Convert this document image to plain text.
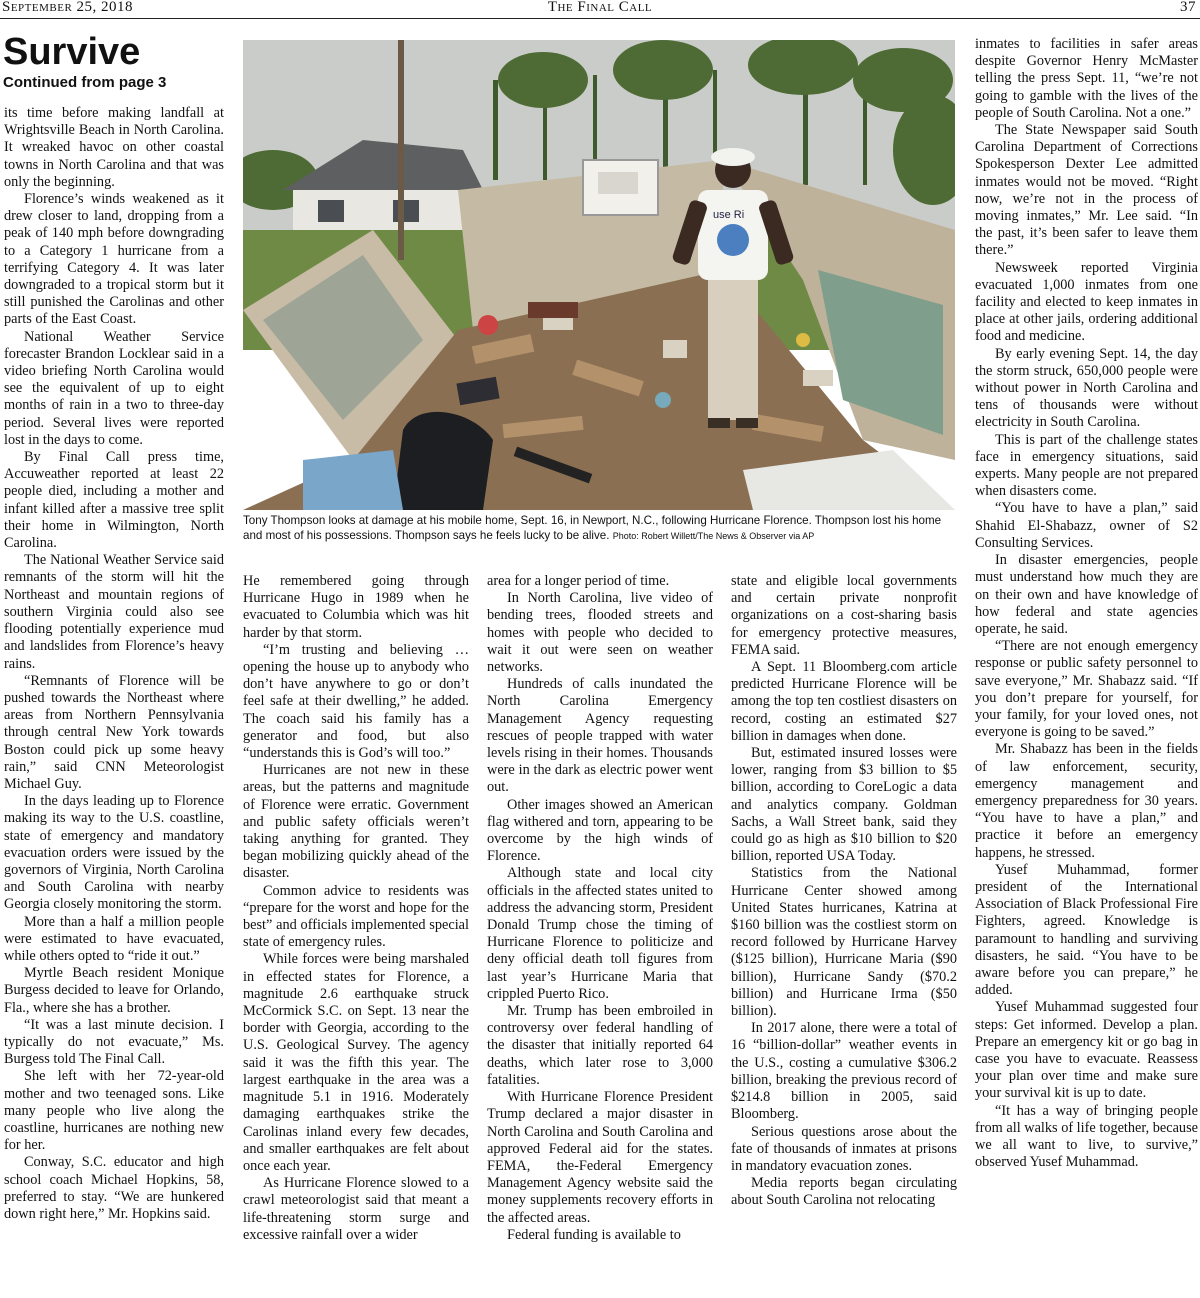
September 25, 2018	The Final Call	37
Survive
Continued from page 3
use Ri
Tony Thompson looks at damage at his mobile home, Sept. 16, in Newport, N.C., following Hurricane Florence. Thompson lost his home and most of his possessions. Thompson says he feels lucky to be alive. Photo: Robert Willett/The News & Observer via AP

its time before making landfall at Wrightsville Beach in North Carolina. It wreaked havoc on other coastal towns in North Carolina and that was only the beginning.

Florence’s winds weakened as it drew closer to land, dropping from a peak of 140 mph before downgrading to a Category 1 hurricane from a terrifying Category 4. It was later downgraded to a tropical storm but it still punished the Carolinas and other parts of the East Coast.

National Weather Service forecaster Brandon Locklear said in a video briefing North Carolina would see the equivalent of up to eight months of rain in a two to three-day period. Several lives were reported lost in the days to come.

By Final Call press time, Accuweather reported at least 22 people died, including a mother and infant killed after a massive tree split their home in Wilmington, North Carolina.

The National Weather Service said remnants of the storm will hit the Northeast and mountain regions of southern Virginia could also see flooding potentially experience mud and landslides from Florence’s heavy rains.

“Remnants of Florence will be pushed towards the Northeast where areas from Northern Pennsylvania through central New York towards Boston could pick up some heavy rain,” said CNN Meteorologist Michael Guy.

In the days leading up to Florence making its way to the U.S. coastline, state of emergency and mandatory evacuation orders were issued by the governors of Virginia, North Carolina and South Carolina with nearby Georgia closely monitoring the storm.

More than a half a million people were estimated to have evacuated, while others opted to “ride it out.”

Myrtle Beach resident Monique Burgess decided to leave for Orlando, Fla., where she has a brother.

“It was a last minute decision. I typically do not evacuate,” Ms. Burgess told The Final Call.

She left with her 72-year-old mother and two teenaged sons. Like many people who live along the coastline, hurricanes are nothing new for her.

Conway, S.C. educator and high school coach Michael Hopkins, 58, preferred to stay. “We are hunkered down right here,” Mr. Hopkins said.

He remembered going through Hurricane Hugo in 1989 when he evacuated to Columbia which was hit harder by that storm.

“I’m trusting and believing … opening the house up to anybody who don’t have anywhere to go or don’t feel safe at their dwelling,” he added. The coach said his family has a generator and food, but also “understands this is God’s will too.”

Hurricanes are not new in these areas, but the patterns and magnitude of Florence were erratic. Government and public safety officials weren’t taking anything for granted. They began mobilizing quickly ahead of the disaster.

Common advice to residents was “prepare for the worst and hope for the best” and officials implemented special state of emergency rules.

While forces were being marshaled in effected states for Florence, a magnitude 2.6 earthquake struck McCormick S.C. on Sept. 13 near the border with Georgia, according to the U.S. Geological Survey. The agency said it was the fifth this year. The largest earthquake in the area was a magnitude 5.1 in 1916. Moderately damaging earthquakes strike the Carolinas inland every few decades, and smaller earthquakes are felt about once each year.

As Hurricane Florence slowed to a crawl meteorologist said that meant a life-threatening storm surge and excessive rainfall over a wider

area for a longer period of time.

In North Carolina, live video of bending trees, flooded streets and homes with people who decided to wait it out were seen on weather networks.

Hundreds of calls inundated the North Carolina Emergency Management Agency requesting rescues of people trapped with water levels rising in their homes. Thousands were in the dark as electric power went out.

Other images showed an American flag withered and torn, appearing to be overcome by the high winds of Florence.

Although state and local city officials in the affected states united to address the advancing storm, President Donald Trump chose the timing of Hurricane Florence to politicize and deny official death toll figures from last year’s Hurricane Maria that crippled Puerto Rico.

Mr. Trump has been embroiled in controversy over federal handling of the disaster that initially reported 64 deaths, which later rose to 3,000 fatalities.

With Hurricane Florence President Trump declared a major disaster in North Carolina and South Carolina and approved Federal aid for the states. FEMA, the-Federal Emergency Management Agency website said the money supplements recovery efforts in the affected areas.

Federal funding is available to

state and eligible local governments and certain private nonprofit organizations on a cost-sharing basis for emergency protective measures, FEMA said.

A Sept. 11 Bloomberg.com article predicted Hurricane Florence will be among the top ten costliest disasters on record, costing an estimated $27 billion in damages when done.

But, estimated insured losses were lower, ranging from $3 billion to $5 billion, according to CoreLogic a data and analytics company. Goldman Sachs, a Wall Street bank, said they could go as high as $10 billion to $20 billion, reported USA Today.

Statistics from the National Hurricane Center showed among United States hurricanes, Katrina at $160 billion was the costliest storm on record followed by Hurricane Harvey ($125 billion), Hurricane Maria ($90 billion), Hurricane Sandy ($70.2 billion) and Hurricane Irma ($50 billion).

In 2017 alone, there were a total of 16 “billion-dollar” weather events in the U.S., costing a cumulative $306.2 billion, breaking the previous record of $214.8 billion in 2005, said Bloomberg.

Serious questions arose about the fate of thousands of inmates at prisons in mandatory evacuation zones.

Media reports began circulating about South Carolina not relocating

inmates to facilities in safer areas despite Governor Henry McMaster telling the press Sept. 11, “we’re not going to gamble with the lives of the people of South Carolina. Not a one.”

The State Newspaper said South Carolina Department of Corrections Spokesperson Dexter Lee admitted inmates would not be moved. “Right now, we’re not in the process of moving inmates,” Mr. Lee said. “In the past, it’s been safer to leave them there.”

Newsweek reported Virginia evacuated 1,000 inmates from one facility and elected to keep inmates in place at other jails, ordering additional food and medicine.

By early evening Sept. 14, the day the storm struck, 650,000 people were without power in North Carolina and tens of thousands were without electricity in South Carolina.

This is part of the challenge states face in emergency situations, said experts. Many people are not prepared when disasters come.

“You have to have a plan,” said Shahid El-Shabazz, owner of S2 Consulting Services.

In disaster emergencies, people must understand how much they are on their own and have knowledge of how federal and state agencies operate, he said.

“There are not enough emergency response or public safety personnel to save everyone,” Mr. Shabazz said. “If you don’t prepare for yourself, for your family, for your loved ones, not everyone is going to be saved.”

Mr. Shabazz has been in the fields of law enforcement, security, emergency management and emergency preparedness for 30 years. “You have to have a plan,” and practice it before an emergency happens, he stressed.

Yusef Muhammad, former president of the International Association of Black Professional Fire Fighters, agreed. Knowledge is paramount to handling and surviving disasters, he said. “You have to be aware before you can prepare,” he added.

Yusef Muhammad suggested four steps: Get informed. Develop a plan. Prepare an emergency kit or go bag in case you have to evacuate. Reassess your plan over time and make sure your survival kit is up to date.

“It has a way of bringing people from all walks of life together, because we all want to live, to survive,” observed Yusef Muhammad.
